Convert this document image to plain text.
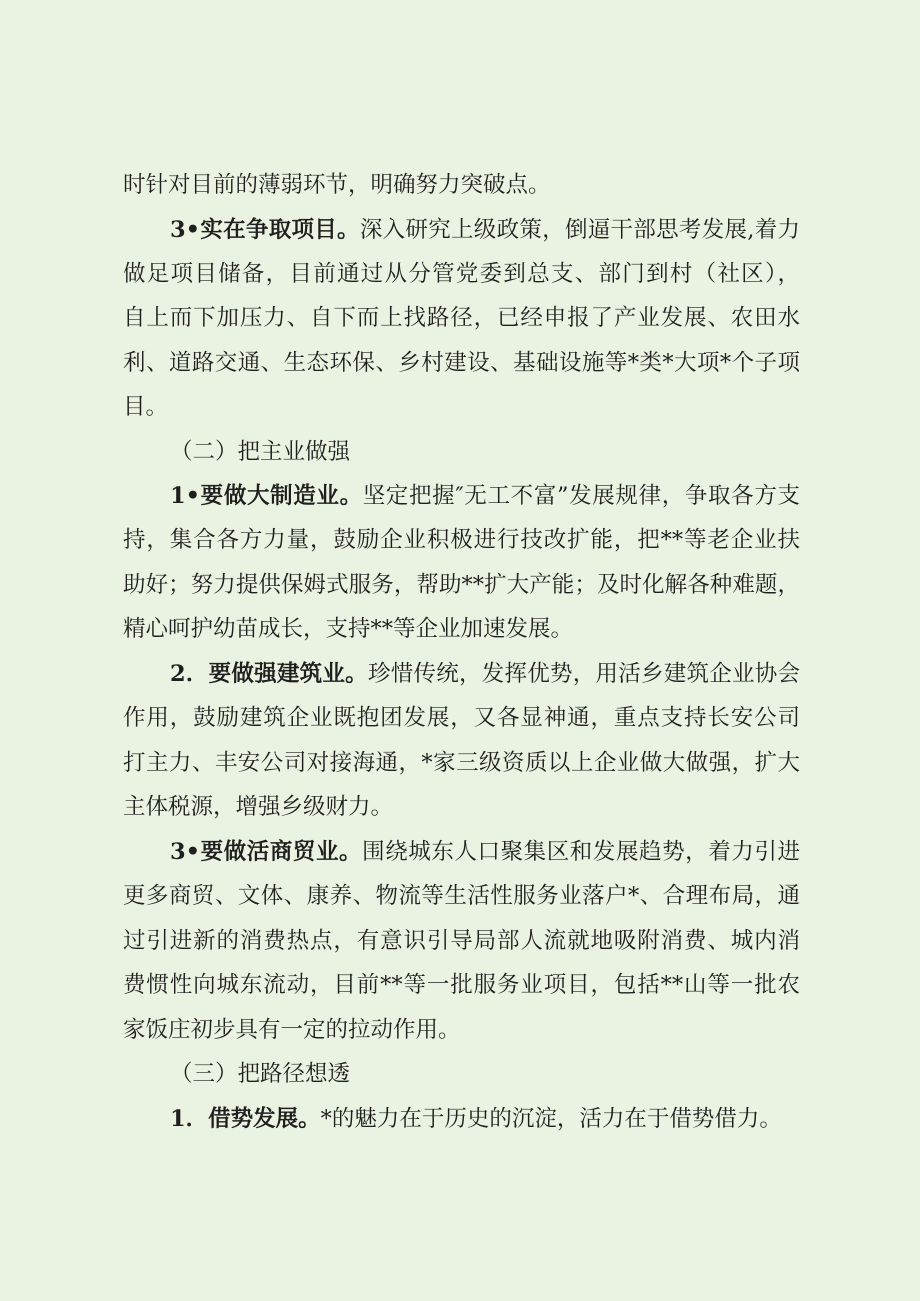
时针对目前的薄弱环节，明确努力突破点。
3•实在争取项目。深入研究上级政策，倒逼干部思考发展,着力
做足项目储备，目前通过从分管党委到总支、部门到村（社区），
自上而下加压力、自下而上找路径，已经申报了产业发展、农田水
利、道路交通、生态环保、乡村建设、基础设施等*类*大项*个子项
目。
（二）把主业做强
1•要做大制造业。坚定把握″无工不富”发展规律，争取各方支
持，集合各方力量，鼓励企业积极进行技改扩能，把**等老企业扶
助好；努力提供保姆式服务，帮助**扩大产能；及时化解各种难题，
精心呵护幼苗成长，支持**等企业加速发展。
2．要做强建筑业。珍惜传统，发挥优势，用活乡建筑企业协会
作用，鼓励建筑企业既抱团发展，又各显神通，重点支持长安公司
打主力、丰安公司对接海通，*家三级资质以上企业做大做强，扩大
主体税源，增强乡级财力。
3•要做活商贸业。围绕城东人口聚集区和发展趋势，着力引进
更多商贸、文体、康养、物流等生活性服务业落户*、合理布局，通
过引进新的消费热点，有意识引导局部人流就地吸附消费、城内消
费惯性向城东流动，目前**等一批服务业项目，包括**山等一批农
家饭庄初步具有一定的拉动作用。
（三）把路径想透
1．借势发展。*的魅力在于历史的沉淀，活力在于借势借力。
